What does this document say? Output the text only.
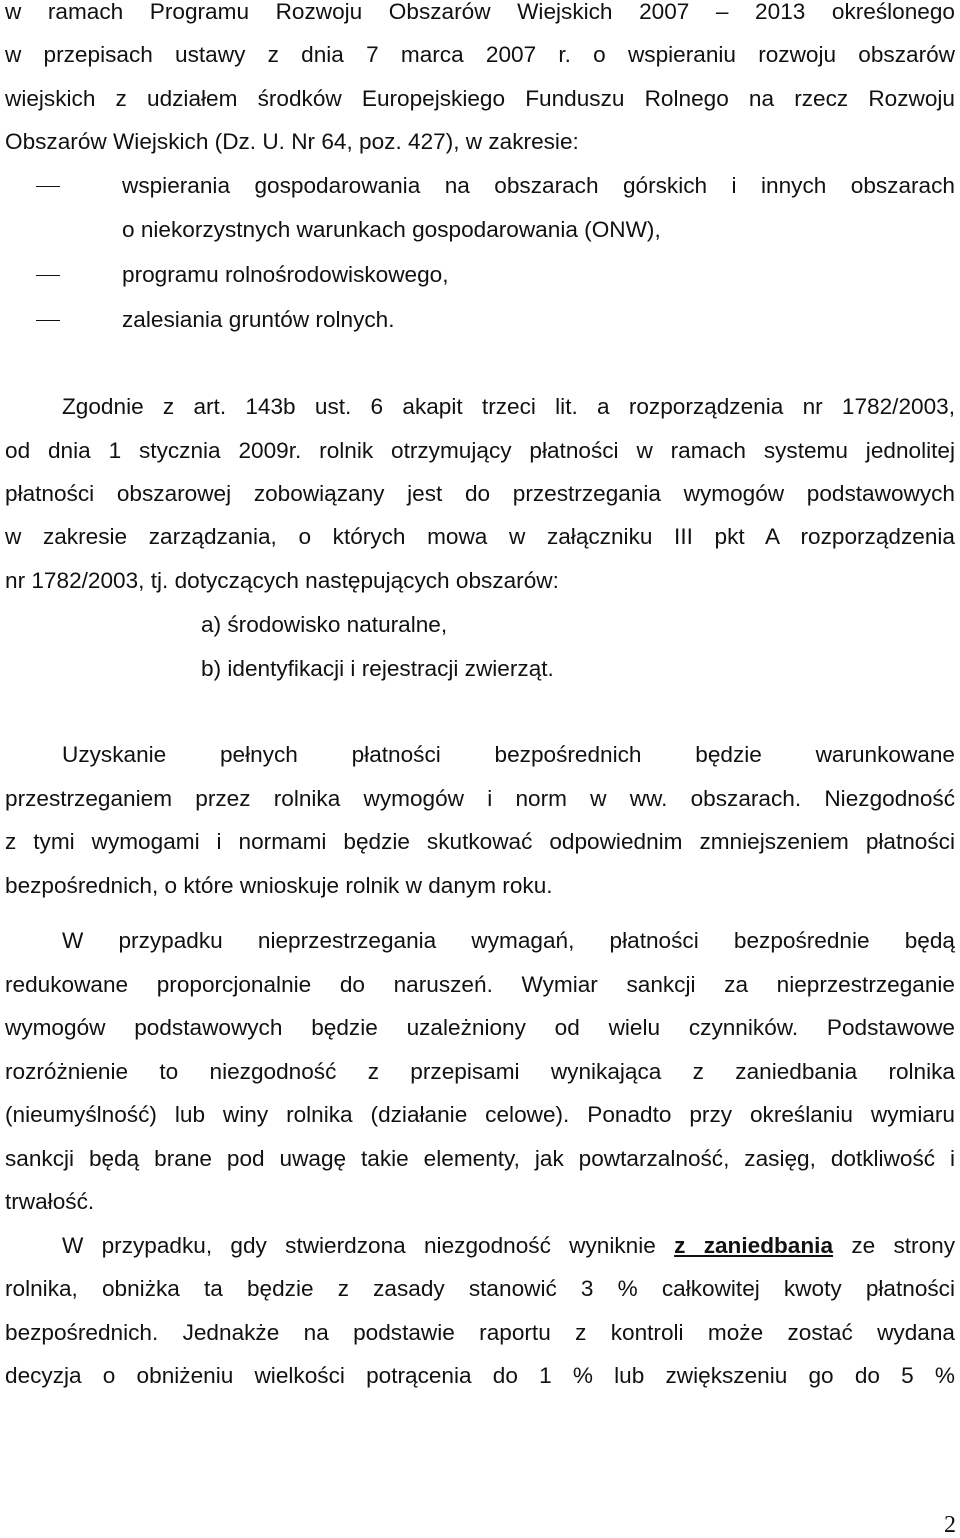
w ramach Programu Rozwoju Obszarów Wiejskich 2007 – 2013 określonego
w przepisach ustawy z dnia 7 marca 2007 r. o wspieraniu rozwoju obszarów
wiejskich z udziałem środków Europejskiego Funduszu Rolnego na rzecz Rozwoju
Obszarów Wiejskich (Dz. U. Nr 64, poz. 427), w zakresie:
wspierania gospodarowania na obszarach górskich i innych obszarach
o niekorzystnych warunkach gospodarowania (ONW),
programu rolnośrodowiskowego,
zalesiania gruntów rolnych.
Zgodnie z art. 143b ust. 6 akapit trzeci lit. a rozporządzenia nr 1782/2003,
od dnia 1 stycznia 2009r. rolnik otrzymujący płatności w ramach systemu jednolitej
płatności obszarowej zobowiązany jest do przestrzegania wymogów podstawowych
w zakresie zarządzania, o których mowa w załączniku III pkt A rozporządzenia
nr 1782/2003, tj. dotyczących następujących obszarów:
a) środowisko naturalne,
b) identyfikacji i rejestracji zwierząt.
Uzyskanie pełnych płatności bezpośrednich będzie warunkowane
przestrzeganiem przez rolnika wymogów i norm w ww. obszarach. Niezgodność
z tymi wymogami i normami będzie skutkować odpowiednim zmniejszeniem płatności
bezpośrednich, o które wnioskuje rolnik w danym roku.
W przypadku nieprzestrzegania wymagań, płatności bezpośrednie będą
redukowane proporcjonalnie do naruszeń. Wymiar sankcji za nieprzestrzeganie
wymogów podstawowych będzie uzależniony od wielu czynników. Podstawowe
rozróżnienie to niezgodność z przepisami wynikająca z zaniedbania rolnika
(nieumyślność) lub winy rolnika (działanie celowe). Ponadto przy określaniu wymiaru
sankcji będą brane pod uwagę takie elementy, jak powtarzalność, zasięg, dotkliwość i
trwałość.
W przypadku, gdy stwierdzona niezgodność wyniknie z zaniedbania ze strony
rolnika, obniżka ta będzie z zasady stanowić 3 % całkowitej kwoty płatności
bezpośrednich. Jednakże na podstawie raportu z kontroli może zostać wydana
decyzja o obniżeniu wielkości potrącenia do 1 % lub zwiększeniu go do 5 %
2
